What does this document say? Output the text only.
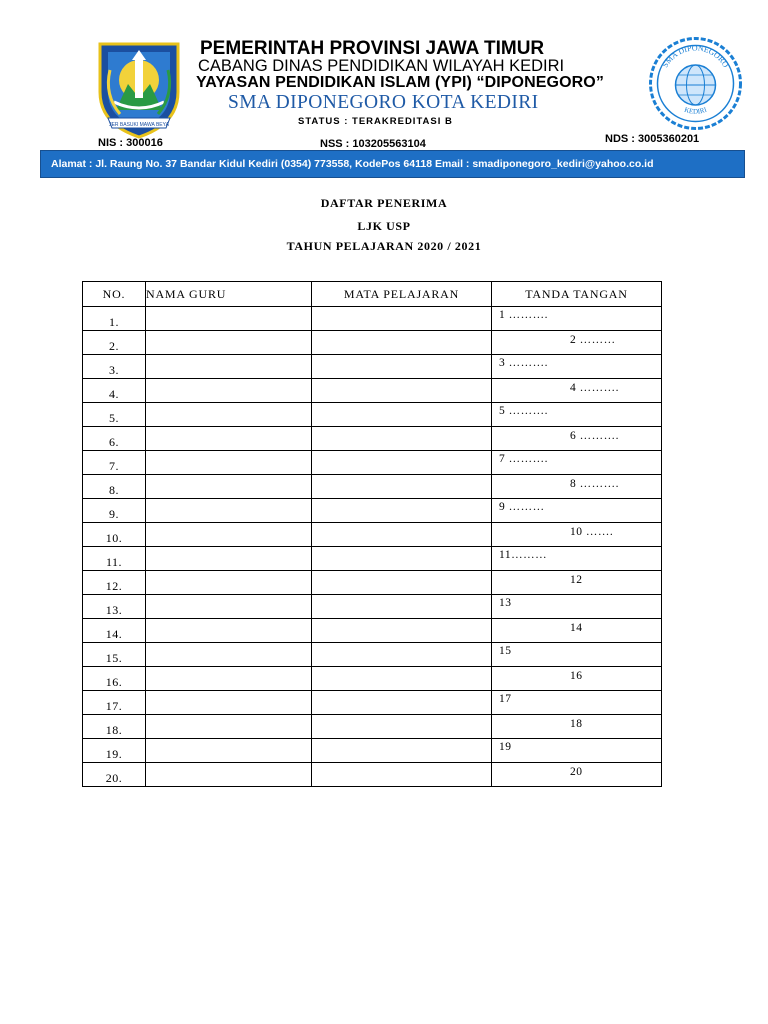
JER BASUKI MAWA BEYA
SMA DIPONEGORO
KEDIRI
PEMERINTAH PROVINSI JAWA TIMUR
CABANG DINAS PENDIDIKAN WILAYAH KEDIRI
YAYASAN PENDIDIKAN ISLAM (YPI) “DIPONEGORO”
SMA DIPONEGORO KOTA KEDIRI
STATUS : TERAKREDITASI B
NIS : 300016	NSS : 103205563104	NDS : 3005360201
Alamat : Jl. Raung No. 37 Bandar Kidul Kediri (0354) 773558, KodePos 64118 Email : smadiponegoro_kediri@yahoo.co.id
DAFTAR PENERIMA
LJK USP
TAHUN PELAJARAN 2020 / 2021
NO.	NAMA GURU	MATA PELAJARAN	TANDA TANGAN
1.			1 ……….

2.			2 ………

3.			3 ……….

4.			4 ……….

5.			5 ……….

6.			6 ……….

7.			7 ……….

8.			8 ……….

9.			9 ………

10.			10 …….

11.			11………

12.			12

13.			13

14.			14

15.			15

16.			16

17.			17

18.			18

19.			19

20.			20
